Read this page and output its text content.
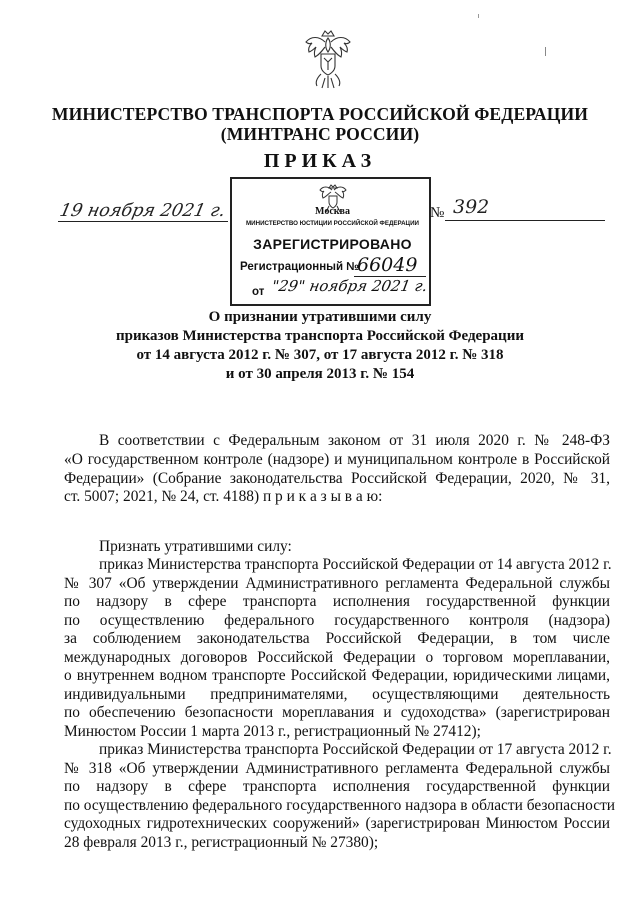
МИНИСТЕРСТВО ТРАНСПОРТА РОССИЙСКОЙ ФЕДЕРАЦИИ
(МИНТРАНС РОССИИ)
ПРИКАЗ
19 ноября 2021 г.	№ 392
Москва
МИНИСТЕРСТВО ЮСТИЦИИ РОССИЙСКОЙ ФЕДЕРАЦИИ
ЗАРЕГИСТРИРОВАНО
Регистрационный №
66049
от "29" ноября 2021 г.
О признании утратившими силу
приказов Министерства транспорта Российской Федерации
от 14 августа 2012 г. № 307, от 17 августа 2012 г. № 318
и от 30 апреля 2013 г. № 154
В соответствии с Федеральным законом от 31 июля 2020 г. № 248-ФЗ
«О государственном контроле (надзоре) и муниципальном контроле в Российской
Федерации» (Собрание законодательства Российской Федерации, 2020, № 31,
ст. 5007; 2021, № 24, ст. 4188) п р и к а з ы в а ю:
Признать утратившими силу:
приказ Министерства транспорта Российской Федерации от 14 августа 2012 г.
№ 307 «Об утверждении Административного регламента Федеральной службы
по надзору в сфере транспорта исполнения государственной функции
по осуществлению федерального государственного контроля (надзора)
за соблюдением законодательства Российской Федерации, в том числе
международных договоров Российской Федерации о торговом мореплавании,
о внутреннем водном транспорте Российской Федерации, юридическими лицами,
индивидуальными предпринимателями, осуществляющими деятельность
по обеспечению безопасности мореплавания и судоходства» (зарегистрирован
Минюстом России 1 марта 2013 г., регистрационный № 27412);
приказ Министерства транспорта Российской Федерации от 17 августа 2012 г.
№ 318 «Об утверждении Административного регламента Федеральной службы
по надзору в сфере транспорта исполнения государственной функции
по осуществлению федерального государственного надзора в области безопасности
судоходных гидротехнических сооружений» (зарегистрирован Минюстом России
28 февраля 2013 г., регистрационный № 27380);
